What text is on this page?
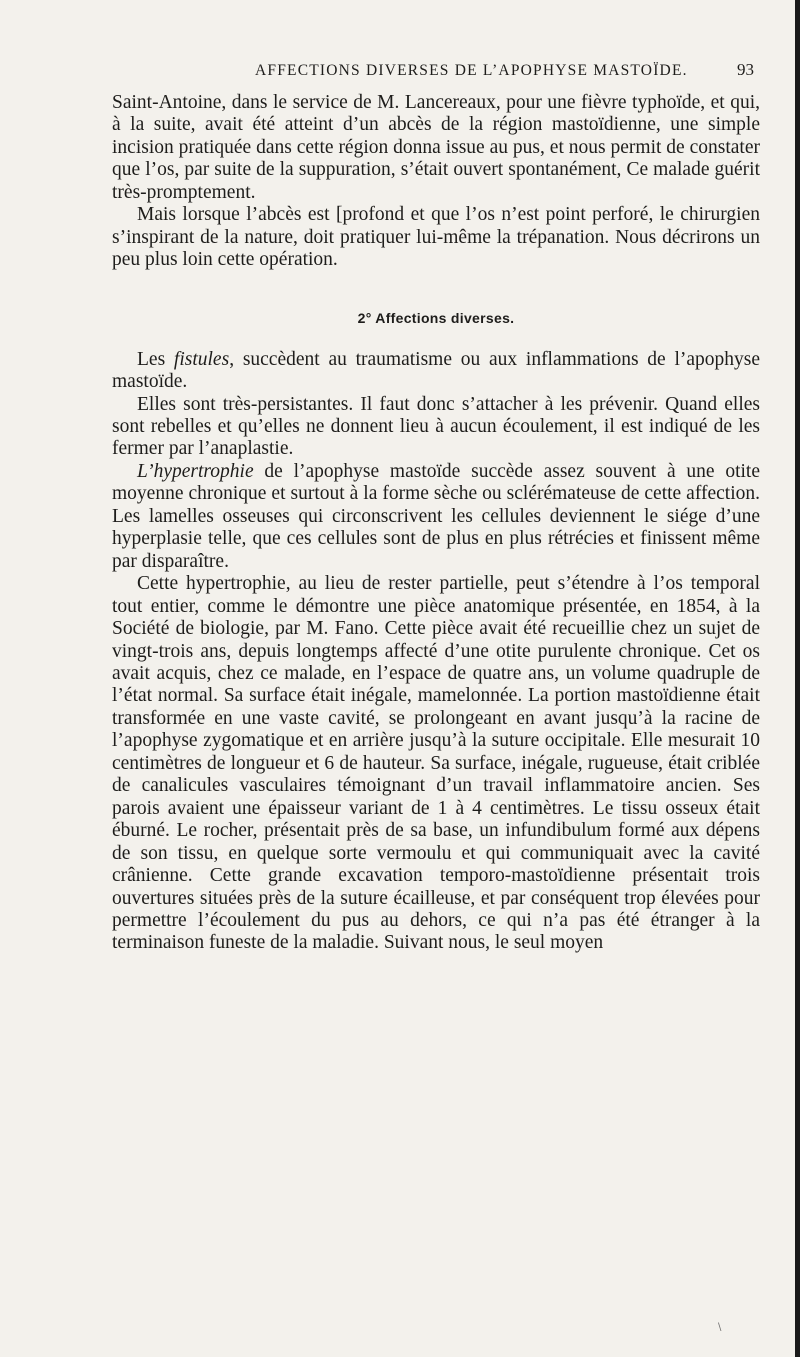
AFFECTIONS DIVERSES DE L’APOPHYSE MASTOÏDE.	93

Saint-Antoine, dans le service de M. Lancereaux, pour une fièvre typhoïde, et qui, à la suite, avait été atteint d’un abcès de la région mastoïdienne, une simple incision pratiquée dans cette région donna issue au pus, et nous permit de constater que l’os, par suite de la suppuration, s’était ouvert spontanément, Ce malade guérit très-promptement.

Mais lorsque l’abcès est [profond et que l’os n’est point perforé, le chirurgien s’inspirant de la nature, doit pratiquer lui-même la trépanation. Nous décrirons un peu plus loin cette opération.

2° Affections diverses.

Les fistules, succèdent au traumatisme ou aux inflammations de l’apophyse mastoïde.

Elles sont très-persistantes. Il faut donc s’attacher à les prévenir. Quand elles sont rebelles et qu’elles ne donnent lieu à aucun écoulement, il est indiqué de les fermer par l’anaplastie.

L’hypertrophie de l’apophyse mastoïde succède assez souvent à une otite moyenne chronique et surtout à la forme sèche ou sclérémateuse de cette affection. Les lamelles osseuses qui circonscrivent les cellules deviennent le siége d’une hyperplasie telle, que ces cellules sont de plus en plus rétrécies et finissent même par disparaître.

Cette hypertrophie, au lieu de rester partielle, peut s’étendre à l’os temporal tout entier, comme le démontre une pièce anatomique présentée, en 1854, à la Société de biologie, par M. Fano. Cette pièce avait été recueillie chez un sujet de vingt-trois ans, depuis longtemps affecté d’une otite purulente chronique. Cet os avait acquis, chez ce malade, en l’espace de quatre ans, un volume quadruple de l’état normal. Sa surface était inégale, mamelonnée. La portion mastoïdienne était transformée en une vaste cavité, se prolongeant en avant jusqu’à la racine de l’apophyse zygomatique et en arrière jusqu’à la suture occipitale. Elle mesurait 10 centimètres de longueur et 6 de hauteur. Sa surface, inégale, rugueuse, était criblée de canalicules vasculaires témoignant d’un travail inflammatoire ancien. Ses parois avaient une épaisseur variant de 1 à 4 centimètres. Le tissu osseux était éburné. Le rocher, présentait près de sa base, un infundibulum formé aux dépens de son tissu, en quelque sorte vermoulu et qui communiquait avec la cavité crânienne. Cette grande excavation temporo-mastoïdienne présentait trois ouvertures situées près de la suture écailleuse, et par conséquent trop élevées pour permettre l’écoulement du pus au dehors, ce qui n’a pas été étranger à la terminaison funeste de la maladie. Suivant nous, le seul moyen

\
